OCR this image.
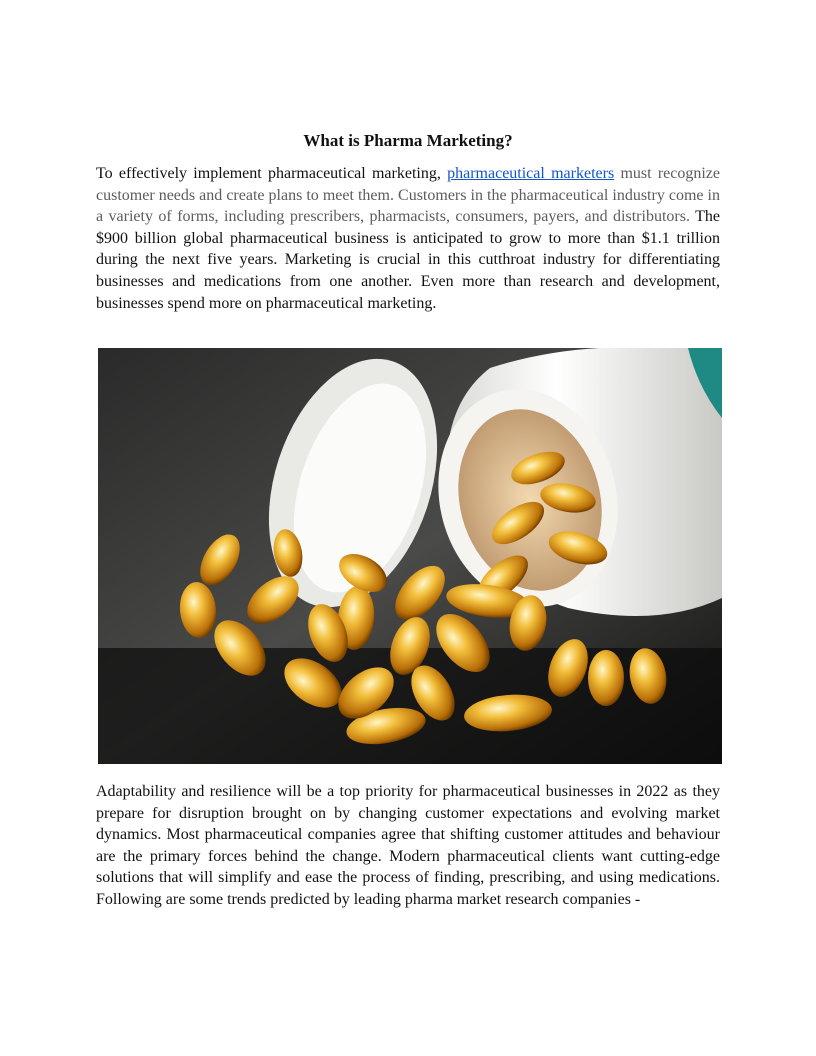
What is Pharma Marketing?

To effectively implement pharmaceutical marketing, pharmaceutical marketers must recognize customer needs and create plans to meet them. Customers in the pharmaceutical industry come in a variety of forms, including prescribers, pharmacists, consumers, payers, and distributors. The $900 billion global pharmaceutical business is anticipated to grow to more than $1.1 trillion during the next five years. Marketing is crucial in this cutthroat industry for differentiating businesses and medications from one another. Even more than research and development, businesses spend more on pharmaceutical marketing.

Adaptability and resilience will be a top priority for pharmaceutical businesses in 2022 as they prepare for disruption brought on by changing customer expectations and evolving market dynamics. Most pharmaceutical companies agree that shifting customer attitudes and behaviour are the primary forces behind the change. Modern pharmaceutical clients want cutting-edge solutions that will simplify and ease the process of finding, prescribing, and using medications. Following are some trends predicted by leading pharma market research companies -
